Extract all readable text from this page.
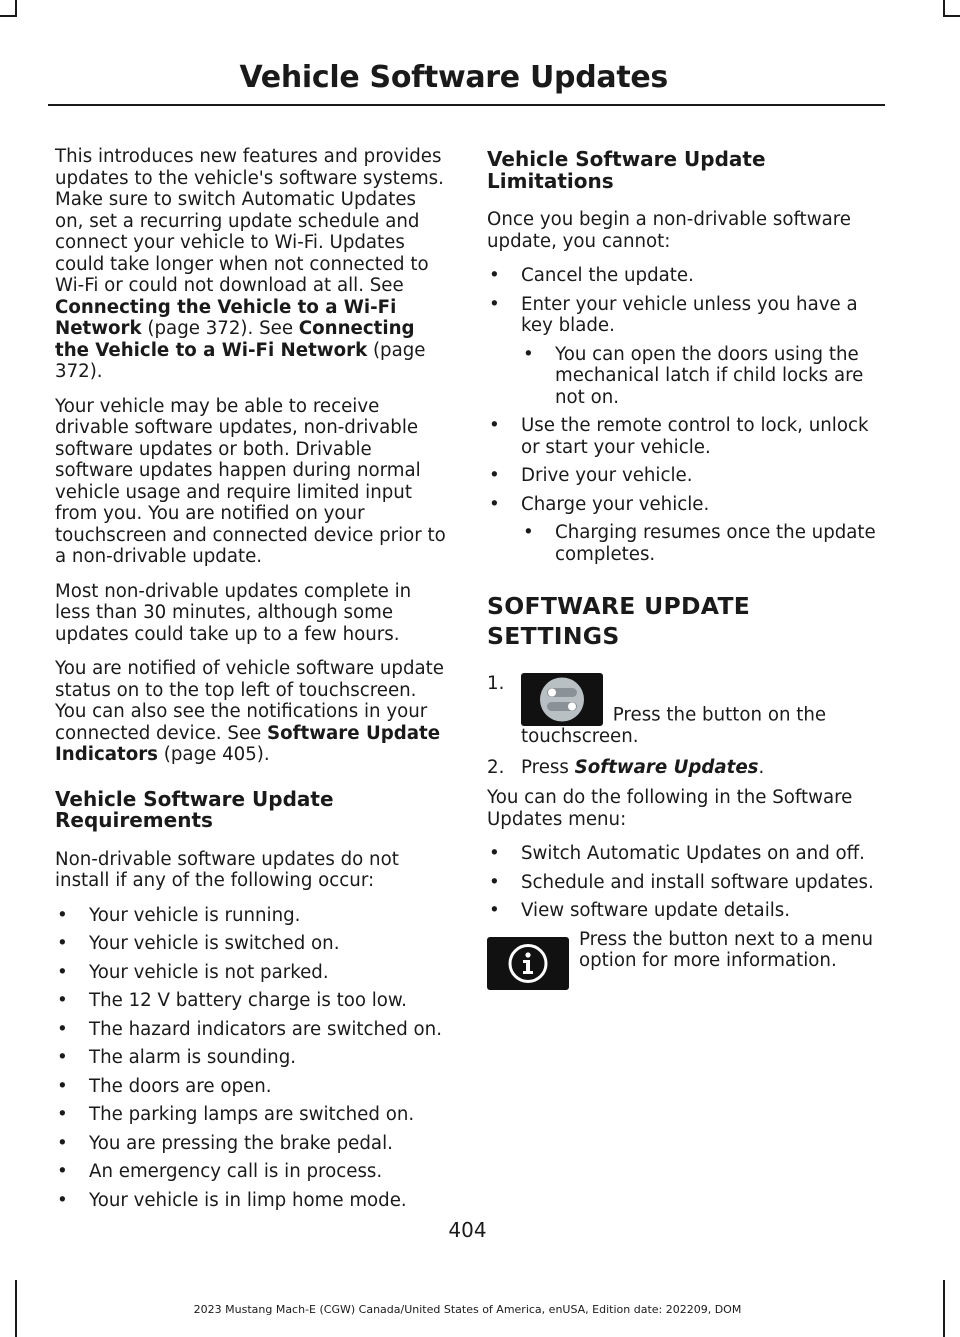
Vehicle Software Updates

This introduces new features and provides updates to the vehicle's software systems. Make sure to switch Automatic Updates on, set a recurring update schedule and connect your vehicle to Wi-Fi. Updates could take longer when not connected to Wi-Fi or could not download at all. See Connecting the Vehicle to a Wi-Fi Network (page 372). See Connecting the Vehicle to a Wi-Fi Network (page 372).

Your vehicle may be able to receive drivable software updates, non-drivable software updates or both. Drivable software updates happen during normal vehicle usage and require limited input from you. You are notified on your touchscreen and connected device prior to a non-drivable update.

Most non-drivable updates complete in less than 30 minutes, although some updates could take up to a few hours.

You are notified of vehicle software update status on to the top left of touchscreen. You can also see the notifications in your connected device. See Software Update Indicators (page 405).

Vehicle Software Update Requirements

Non-drivable software updates do not install if any of the following occur:

• Your vehicle is running.
• Your vehicle is switched on.
• Your vehicle is not parked.
• The 12 V battery charge is too low.
• The hazard indicators are switched on.
• The alarm is sounding.
• The doors are open.
• The parking lamps are switched on.
• You are pressing the brake pedal.
• An emergency call is in process.
• Your vehicle is in limp home mode.
Vehicle Software Update Limitations

Once you begin a non-drivable software update, you cannot:

• Cancel the update.
• Enter your vehicle unless you have a key blade.
• You can open the doors using the mechanical latch if child locks are not on.
• Use the remote control to lock, unlock or start your vehicle.
• Drive your vehicle.
• Charge your vehicle.
• Charging resumes once the update completes.
SOFTWARE UPDATE
SETTINGS
1.
Press the button on the touchscreen.
2. Press Software Updates.

You can do the following in the Software Updates menu:

• Switch Automatic Updates on and off.
• Schedule and install software updates.
• View software update details.

Press the button next to a menu option for more information.

404
2023 Mustang Mach-E (CGW) Canada/United States of America, enUSA, Edition date: 202209, DOM
